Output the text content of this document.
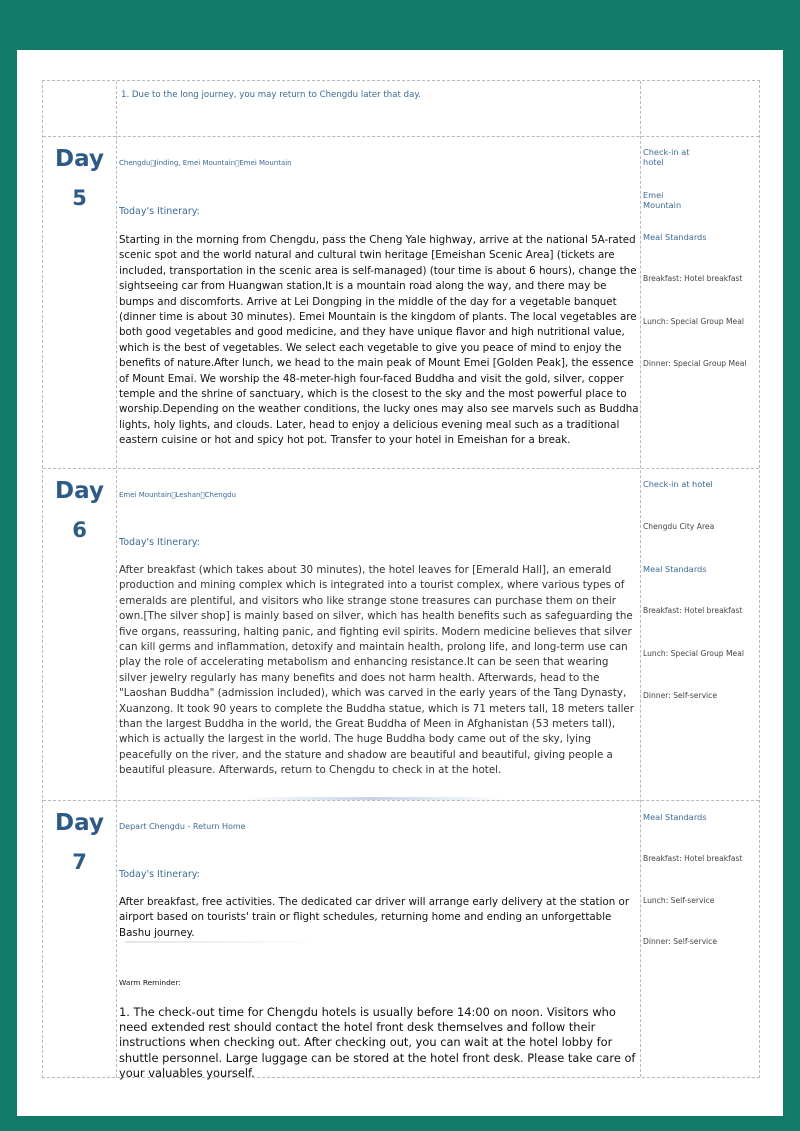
1. Due to the long journey, you may return to Chengdu later that day.
Day
5
Chengdu Jinding, Emei Mountain Emei Mountain
Today's Itinerary:
Starting in the morning from Chengdu, pass the Cheng Yale highway, arrive at the national 5A-rated scenic spot and the world natural and cultural twin heritage [Emeishan Scenic Area] (tickets are included, transportation in the scenic area is self-managed) (tour time is about 6 hours), change the sightseeing car from Huangwan station,It is a mountain road along the way, and there may be bumps and discomforts. Arrive at Lei Dongping in the middle of the day for a vegetable banquet (dinner time is about 30 minutes). Emei Mountain is the kingdom of plants. The local vegetables are both good vegetables and good medicine, and they have unique flavor and high nutritional value, which is the best of vegetables. We select each vegetable to give you peace of mind to enjoy the benefits of nature.After lunch, we head to the main peak of Mount Emei [Golden Peak], the essence of Mount Emai. We worship the 48-meter-high four-faced Buddha and visit the gold, silver, copper temple and the shrine of sanctuary, which is the closest to the sky and the most powerful place to worship.Depending on the weather conditions, the lucky ones may also see marvels such as Buddha lights, holy lights, and clouds. Later, head to enjoy a delicious evening meal such as a traditional eastern cuisine or hot and spicy hot pot. Transfer to your hotel in Emeishan for a break.
Check-in at hotel
Emei Mountain
Meal Standards
Breakfast: Hotel breakfast
Lunch: Special Group Meal
Dinner: Special Group Meal
Day
6
Emei Mountain Leshan Chengdu
Today's Itinerary:
After breakfast (which takes about 30 minutes), the hotel leaves for [Emerald Hall], an emerald production and mining complex which is integrated into a tourist complex, where various types of emeralds are plentiful, and visitors who like strange stone treasures can purchase them on their own.[The silver shop] is mainly based on silver, which has health benefits such as safeguarding the five organs, reassuring, halting panic, and fighting evil spirits. Modern medicine believes that silver can kill germs and inflammation, detoxify and maintain health, prolong life, and long-term use can play the role of accelerating metabolism and enhancing resistance.It can be seen that wearing silver jewelry regularly has many benefits and does not harm health. Afterwards, head to the "Laoshan Buddha" (admission included), which was carved in the early years of the Tang Dynasty, Xuanzong. It took 90 years to complete the Buddha statue, which is 71 meters tall, 18 meters taller than the largest Buddha in the world, the Great Buddha of Meen in Afghanistan (53 meters tall), which is actually the largest in the world. The huge Buddha body came out of the sky, lying peacefully on the river, and the stature and shadow are beautiful and beautiful, giving people a beautiful pleasure. Afterwards, return to Chengdu to check in at the hotel.
Check-in at hotel
Chengdu City Area
Meal Standards
Breakfast: Hotel breakfast
Lunch: Special Group Meal
Dinner: Self-service
Day
7
Depart Chengdu - Return Home
Today's Itinerary:
After breakfast, free activities. The dedicated car driver will arrange early delivery at the station or airport based on tourists' train or flight schedules, returning home and ending an unforgettable Bashu journey.
Meal Standards
Breakfast: Hotel breakfast
Lunch: Self-service
Dinner: Self-service
Warm Reminder:
1. The check-out time for Chengdu hotels is usually before 14:00 on noon. Visitors who need extended rest should contact the hotel front desk themselves and follow their instructions when checking out. After checking out, you can wait at the hotel lobby for shuttle personnel. Large luggage can be stored at the hotel front desk. Please take care of your valuables yourself.
